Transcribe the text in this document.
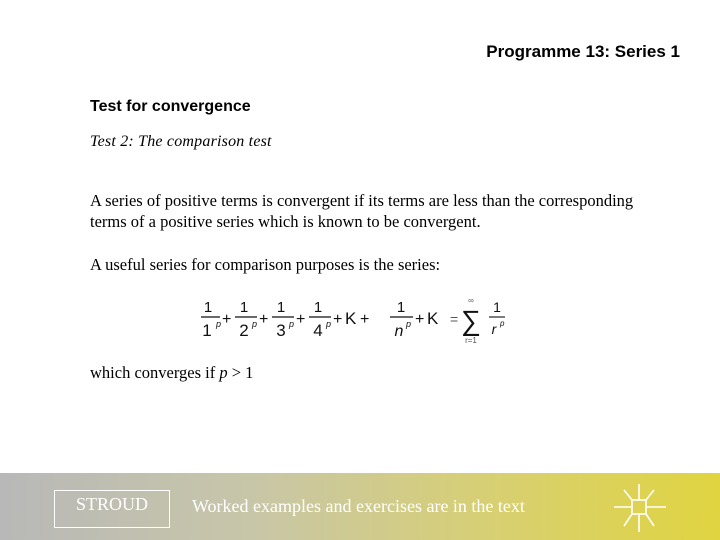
Programme 13: Series 1
Test for convergence
Test 2: The comparison test
A series of positive terms is convergent if its terms are less than the corresponding terms of a positive series which is known to be convergent.
A useful series for comparison purposes is the series:
1
1 p +
1
2 p +
1
3 p +
1
4 p + K +
1
n p + K =
∞
∑
r=1
1
r p
which converges if p > 1
STROUD	Worked examples and exercises are in the text
